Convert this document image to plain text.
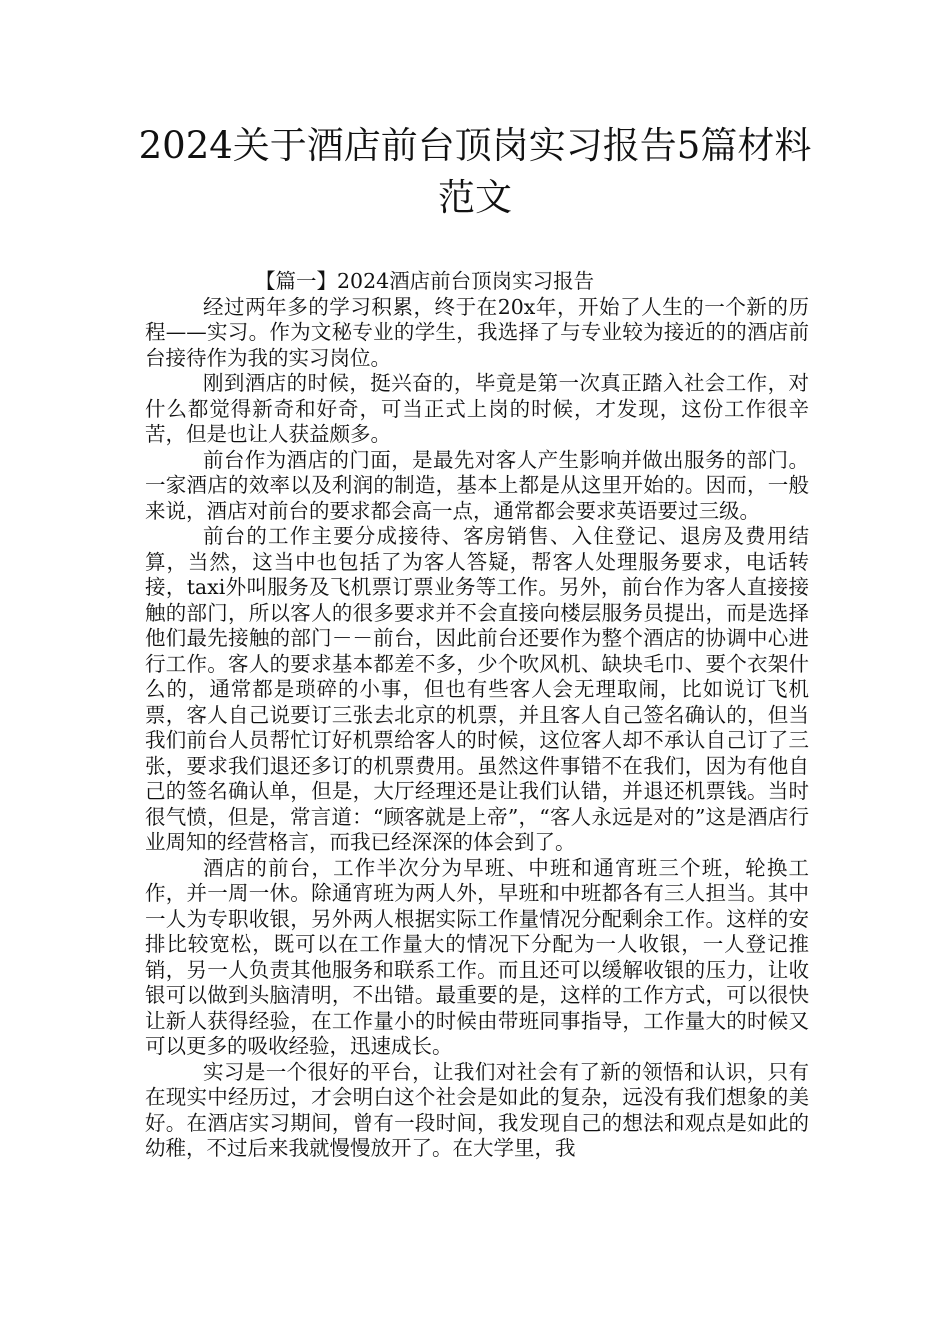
2024关于酒店前台顶岗实习报告5篇材料范文
【篇一】2024酒店前台顶岗实习报告

经过两年多的学习积累，终于在20x年，开始了人生的一个新的历程——实习。作为文秘专业的学生，我选择了与专业较为接近的的酒店前台接待作为我的实习岗位。

刚到酒店的时候，挺兴奋的，毕竟是第一次真正踏入社会工作，对什么都觉得新奇和好奇，可当正式上岗的时候，才发现，这份工作很辛苦，但是也让人获益颇多。

前台作为酒店的门面，是最先对客人产生影响并做出服务的部门。一家酒店的效率以及利润的制造，基本上都是从这里开始的。因而，一般来说，酒店对前台的要求都会高一点，通常都会要求英语要过三级。

前台的工作主要分成接待、客房销售、入住登记、退房及费用结算，当然，这当中也包括了为客人答疑，帮客人处理服务要求，电话转接，taxi外叫服务及飞机票订票业务等工作。另外，前台作为客人直接接触的部门，所以客人的很多要求并不会直接向楼层服务员提出，而是选择他们最先接触的部门－－前台，因此前台还要作为整个酒店的协调中心进行工作。客人的要求基本都差不多，少个吹风机、缺块毛巾、要个衣架什么的，通常都是琐碎的小事，但也有些客人会无理取闹，比如说订飞机票，客人自己说要订三张去北京的机票，并且客人自己签名确认的，但当我们前台人员帮忙订好机票给客人的时候，这位客人却不承认自己订了三张，要求我们退还多订的机票费用。虽然这件事错不在我们，因为有他自己的签名确认单，但是，大厅经理还是让我们认错，并退还机票钱。当时很气愤，但是，常言道：“顾客就是上帝”，“客人永远是对的”这是酒店行业周知的经营格言，而我已经深深的体会到了。

酒店的前台，工作半次分为早班、中班和通宵班三个班，轮换工作，并一周一休。除通宵班为两人外，早班和中班都各有三人担当。其中一人为专职收银，另外两人根据实际工作量情况分配剩余工作。这样的安排比较宽松，既可以在工作量大的情况下分配为一人收银，一人登记推销，另一人负责其他服务和联系工作。而且还可以缓解收银的压力，让收银可以做到头脑清明，不出错。最重要的是，这样的工作方式，可以很快让新人获得经验，在工作量小的时候由带班同事指导，工作量大的时候又可以更多的吸收经验，迅速成长。

实习是一个很好的平台，让我们对社会有了新的领悟和认识，只有在现实中经历过，才会明白这个社会是如此的复杂，远没有我们想象的美好。在酒店实习期间，曾有一段时间，我发现自己的想法和观点是如此的幼稚，不过后来我就慢慢放开了。在大学里，我
